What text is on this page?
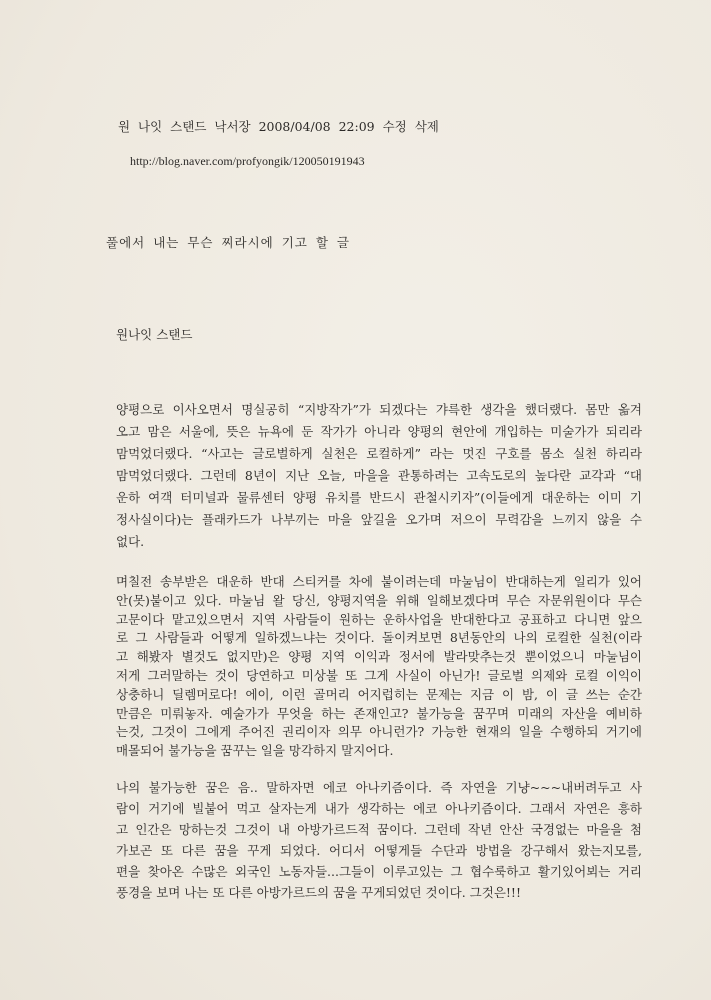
원 나잇 스탠드 낙서장 2008/04/08 22:09 수정 삭제
http://blog.naver.com/profyongik/120050191943
풀에서 내는 무슨 찌라시에 기고 할 글
원나잇 스탠드
양평으로 이사오면서 명실공히 “지방작가”가 되겠다는 갸륵한 생각을 했더랬다. 몸만 옮겨
오고 맘은 서울에, 뜻은 뉴욕에 둔 작가가 아니라 양평의 현안에 개입하는 미술가가 되리라
맘먹었더랬다. “사고는 글로벌하게 실천은 로컬하게” 라는 멋진 구호를 몸소 실천 하리라
맘먹었더랬다. 그런데 8년이 지난 오늘, 마을을 관통하려는 고속도로의 높다란 교각과 “대
운하 여객 터미널과 물류센터 양평 유치를 반드시 관철시키자”(이들에게 대운하는 이미 기
정사실이다)는 플래카드가 나부끼는 마을 앞길을 오가며 저으이 무력감을 느끼지 않을 수
없다.
며칠전 송부받은 대운하 반대 스티커를 차에 붙이려는데 마눌님이 반대하는게 일리가 있어
안(못)붙이고 있다. 마눌님 왈 당신, 양평지역을 위해 일해보겠다며 무슨 자문위원이다 무슨
고문이다 맡고있으면서 지역 사람들이 원하는 운하사업을 반대한다고 공표하고 다니면 앞으
로 그 사람들과 어떻게 일하겠느냐는 것이다. 돌이켜보면 8년동안의 나의 로컬한 실천(이라
고 해봤자 별것도 없지만)은 양평 지역 이익과 정서에 발라맞추는것 뿐이었으니 마눌님이
저게 그러말하는 것이 당연하고 미상불 또 그게 사실이 아닌가! 글로벌 의제와 로컬 이익이
상충하니 딜렘머로다! 에이, 이런 골머리 어지럽히는 문제는 지금 이 밤, 이 글 쓰는 순간
만큼은 미뤄놓자. 예술가가 무엇을 하는 존재인고? 불가능을 꿈꾸며 미래의 자산을 예비하
는것, 그것이 그에게 주어진 권리이자 의무 아니런가? 가능한 현재의 일을 수행하되 거기에
매몰되어 불가능을 꿈꾸는 일을 망각하지 말지어다.
나의 불가능한 꿈은 음.. 말하자면 에코 아나키즘이다. 즉 자연을 기냥~~~내버려두고 사
람이 거기에 빌붙어 먹고 살자는게 내가 생각하는 에코 아나키즘이다. 그래서 자연은 흥하
고 인간은 망하는것 그것이 내 아방가르드적 꿈이다. 그런데 작년 안산 국경없는 마을을 첨
가보곤 또 다른 꿈을 꾸게 되었다. 어디서 어떻게들 수단과 방법을 강구해서 왔는지모를,
편을 찾아온 수많은 외국인 노동자들...그들이 이루고있는 그 협수룩하고 활기있어뵈는 거리
풍경을 보며 나는 또 다른 아방가르드의 꿈을 꾸게되었던 것이다. 그것은!!!
